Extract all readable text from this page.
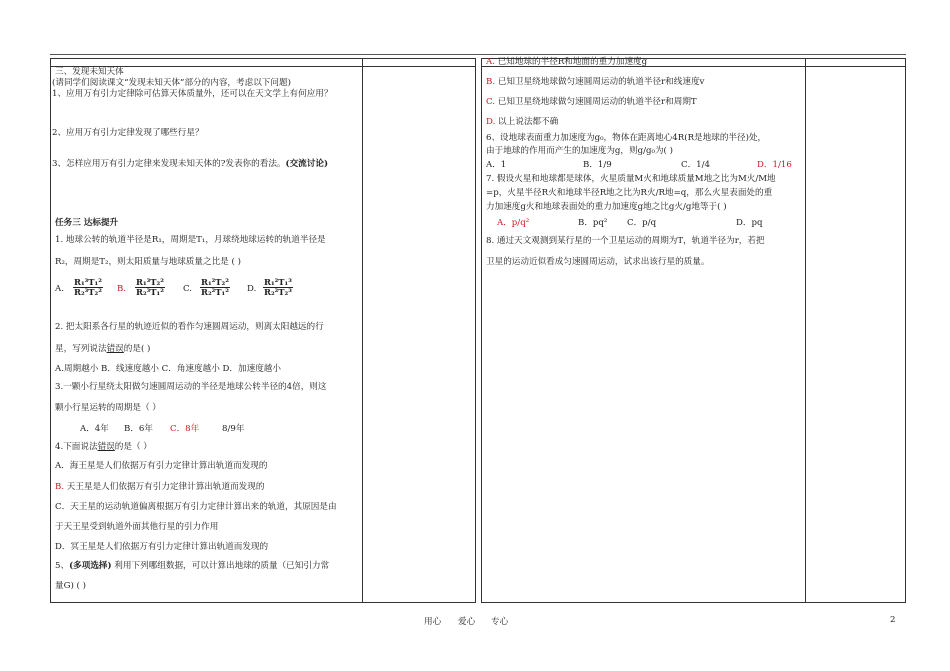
三、发现未知天体
(请同学们阅读课文“发现未知天体”部分的内容，考虑以下问题)
1、应用万有引力定律除可估算天体质量外，还可以在天文学上有何应用？
2、应用万有引力定律发现了哪些行星？
3、怎样应用万有引力定律来发现未知天体的?发表你的看法。(交流讨论)
任务三 达标提升
1. 地球公转的轨道半径是R₁，周期是T₁，月球绕地球运转的轨道半径是
R₂，周期是T₂，则太阳质量与地球质量之比是 ( )
A. $\frac{\text{R₁³T₁²}}{\text{R₂³T₂²}} B$. $\frac{\text{R₁³T₂²}}{\text{R₂³T₁²}} C$. $\frac{\text{R₁²T₂²}}{\text{R₂²T₁²}} D$. $\frac{\text{R₁²T₁³}}{\text{R₂²T₂³}}$
2. 把太阳系各行星的轨迹近似的看作匀速圆周运动，则离太阳越远的行
星，写列说法错误的是( )
A.周期越小 B．线速度越小 C．角速度越小 D．加速度越小
3.一颗小行星绕太阳做匀速圆周运动的半径是地球公转半径的4倍，则这
颗小行星运转的周期是（ ）
A．4年 B．6年 C．8年	8/9年
4.下面说法错误的是（ ）
A．海王星是人们依据万有引力定律计算出轨道而发现的
B. 天王星是人们依据万有引力定律计算出轨道而发现的
C．天王星的运动轨道偏离根据万有引力定律计算出来的轨道，其原因是由
于天王星受到轨道外面其他行星的引力作用
D．冥王星是人们依据万有引力定律计算出轨道而发现的
5、(多项选择) 利用下列哪组数据，可以计算出地球的质量（已知引力常
量G) ( )
A. 已知地球的半径R和地面的重力加速度g
B. 已知卫星绕地球做匀速圆周运动的轨道半径r和线速度v
C. 已知卫星绕地球做匀速圆周运动的轨道半径r和周期T
D. 以上说法都不确
6、设地球表面重力加速度为g₀，物体在距离地心4R(R是地球的半径)处，
由于地球的作用而产生的加速度为g，则g/g₀为( )
A．1	B．1/9	C．1/4	D．1/16
7. 假设火星和地球都是球体，火星质量M火和地球质量M地之比为M火/M地
=p，火星半径R火和地球半径R地之比为R火/R地=q，那么火星表面处的重
力加速度g火和地球表面处的重力加速度g地之比g火/g地等于( )
A．p/q²	B．pq² C．p/q	D．pq
8. 通过天文观测到某行星的一个卫星运动的周期为T，轨道半径为r，若把
卫星的运动近似看成匀速圆周运动，试求出该行星的质量。
用心 爱心 专心	2
